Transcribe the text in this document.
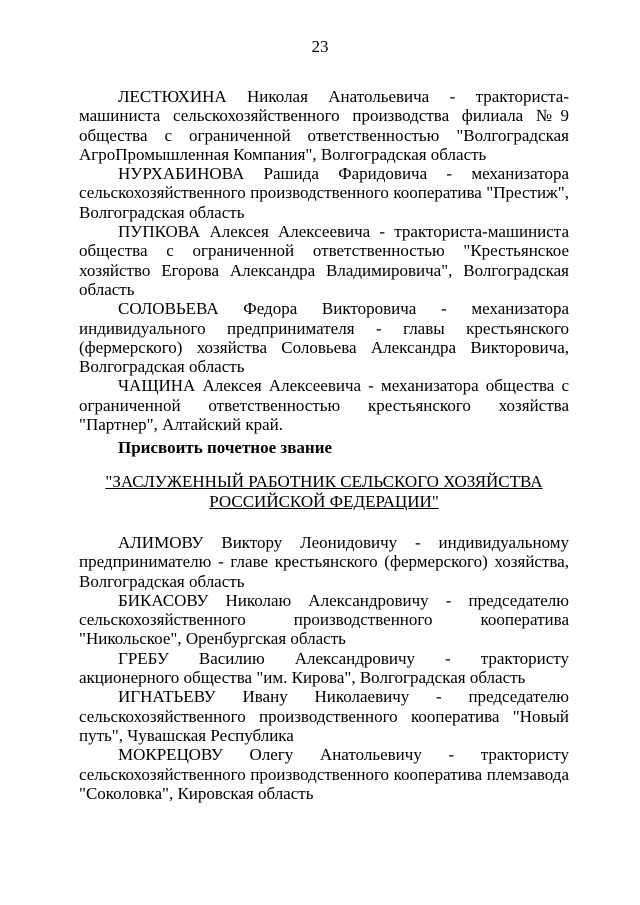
23
ЛЕСТЮХИНА Николая Анатольевича - тракториста-машиниста сельскохозяйственного производства филиала №9 общества с ограниченной ответственностью "Волгоградская АгроПромышленная Компания", Волгоградская область
НУРХАБИНОВА Рашида Фаридовича - механизатора сельскохозяйственного производственного кооператива "Престиж", Волгоградская область
ПУПКОВА Алексея Алексеевича - тракториста-машиниста общества с ограниченной ответственностью "Крестьянское хозяйство Егорова Александра Владимировича", Волгоградская область
СОЛОВЬЕВА Федора Викторовича - механизатора индивидуального предпринимателя - главы крестьянского (фермерского) хозяйства Соловьева Александра Викторовича, Волгоградская область
ЧАЩИНА Алексея Алексеевича - механизатора общества с ограниченной ответственностью крестьянского хозяйства "Партнер", Алтайский край.
Присвоить почетное звание
"ЗАСЛУЖЕННЫЙ РАБОТНИК СЕЛЬСКОГО ХОЗЯЙСТВА
РОССИЙСКОЙ ФЕДЕРАЦИИ"
АЛИМОВУ Виктору Леонидовичу - индивидуальному предпринимателю - главе крестьянского (фермерского) хозяйства, Волгоградская область
БИКАСОВУ Николаю Александровичу - председателю сельскохозяйственного производственного кооператива "Никольское", Оренбургская область
ГРЕБУ Василию Александровичу - трактористу акционерного общества "им. Кирова", Волгоградская область
ИГНАТЬЕВУ Ивану Николаевичу - председателю сельскохозяйственного производственного кооператива "Новый путь", Чувашская Республика
МОКРЕЦОВУ Олегу Анатольевичу - трактористу сельскохозяйственного производственного кооператива племзавода "Соколовка", Кировская область
